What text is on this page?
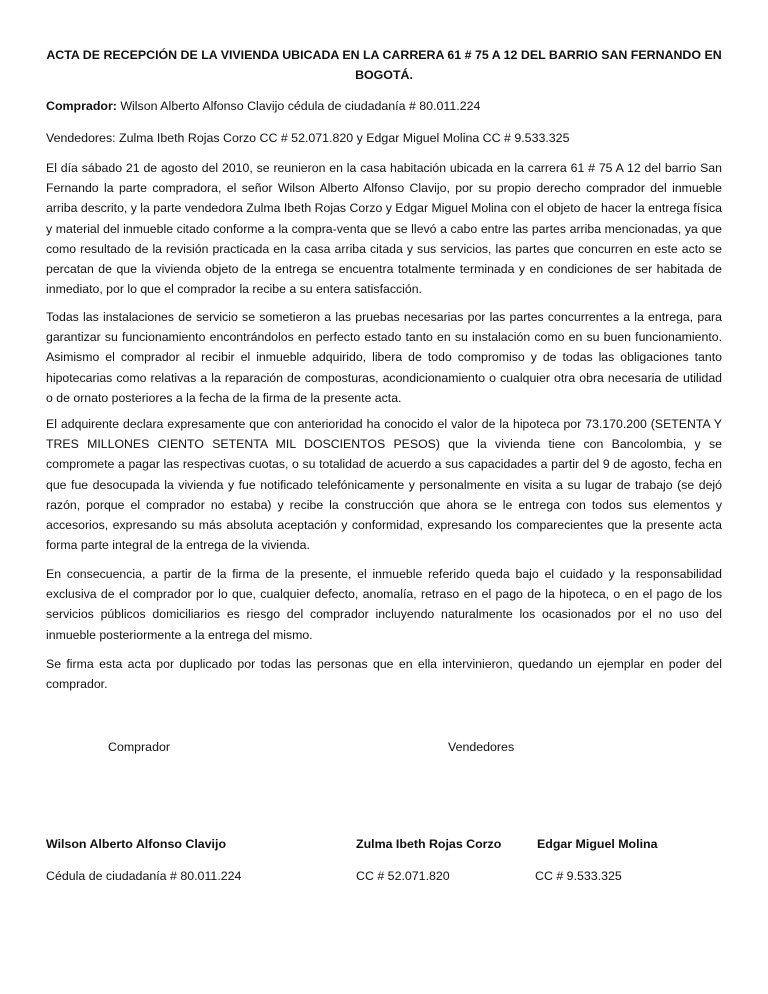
ACTA DE RECEPCIÓN DE LA VIVIENDA UBICADA EN LA CARRERA 61 # 75 A 12 DEL BARRIO SAN FERNANDO EN BOGOTÁ.
Comprador: Wilson Alberto Alfonso Clavijo cédula de ciudadanía # 80.011.224
Vendedores: Zulma Ibeth Rojas Corzo CC # 52.071.820 y Edgar Miguel Molina CC # 9.533.325
El día sábado 21 de agosto del 2010, se reunieron en la casa habitación ubicada en la carrera 61 # 75 A 12 del barrio San Fernando la parte compradora, el señor Wilson Alberto Alfonso Clavijo, por su propio derecho comprador del inmueble arriba descrito, y la parte vendedora Zulma Ibeth Rojas Corzo y Edgar Miguel Molina con el objeto de hacer la entrega física y material del inmueble citado conforme a la compra-venta que se llevó a cabo entre las partes arriba mencionadas, ya que como resultado de la revisión practicada en la casa arriba citada y sus servicios, las partes que concurren en este acto se percatan de que la vivienda objeto de la entrega se encuentra totalmente terminada y en condiciones de ser habitada de inmediato, por lo que el comprador la recibe a su entera satisfacción.
Todas las instalaciones de servicio se sometieron a las pruebas necesarias por las partes concurrentes a la entrega, para garantizar su funcionamiento encontrándolos en perfecto estado tanto en su instalación como en su buen funcionamiento. Asimismo el comprador al recibir el inmueble adquirido, libera de todo compromiso y de todas las obligaciones tanto hipotecarias como relativas a la reparación de composturas, acondicionamiento o cualquier otra obra necesaria de utilidad o de ornato posteriores a la fecha de la firma de la presente acta.
El adquirente declara expresamente que con anterioridad ha conocido el valor de la hipoteca por 73.170.200 (SETENTA Y TRES MILLONES CIENTO SETENTA MIL DOSCIENTOS PESOS) que la vivienda tiene con Bancolombia, y se compromete a pagar las respectivas cuotas, o su totalidad de acuerdo a sus capacidades a partir del 9 de agosto, fecha en que fue desocupada la vivienda y fue notificado telefónicamente y personalmente en visita a su lugar de trabajo (se dejó razón, porque el comprador no estaba) y recibe la construcción que ahora se le entrega con todos sus elementos y accesorios, expresando su más absoluta aceptación y conformidad, expresando los comparecientes que la presente acta forma parte integral de la entrega de la vivienda.
En consecuencia, a partir de la firma de la presente, el inmueble referido queda bajo el cuidado y la responsabilidad exclusiva de el comprador por lo que, cualquier defecto, anomalía, retraso en el pago de la hipoteca, o en el pago de los servicios públicos domiciliarios es riesgo del comprador incluyendo naturalmente los ocasionados por el no uso del inmueble posteriormente a la entrega del mismo.
Se firma esta acta por duplicado por todas las personas que en ella intervinieron, quedando un ejemplar en poder del comprador.
Comprador	Vendedores
Wilson Alberto Alfonso Clavijo	Zulma Ibeth Rojas Corzo	Edgar Miguel Molina
Cédula de ciudadanía # 80.011.224	CC # 52.071.820	CC # 9.533.325
